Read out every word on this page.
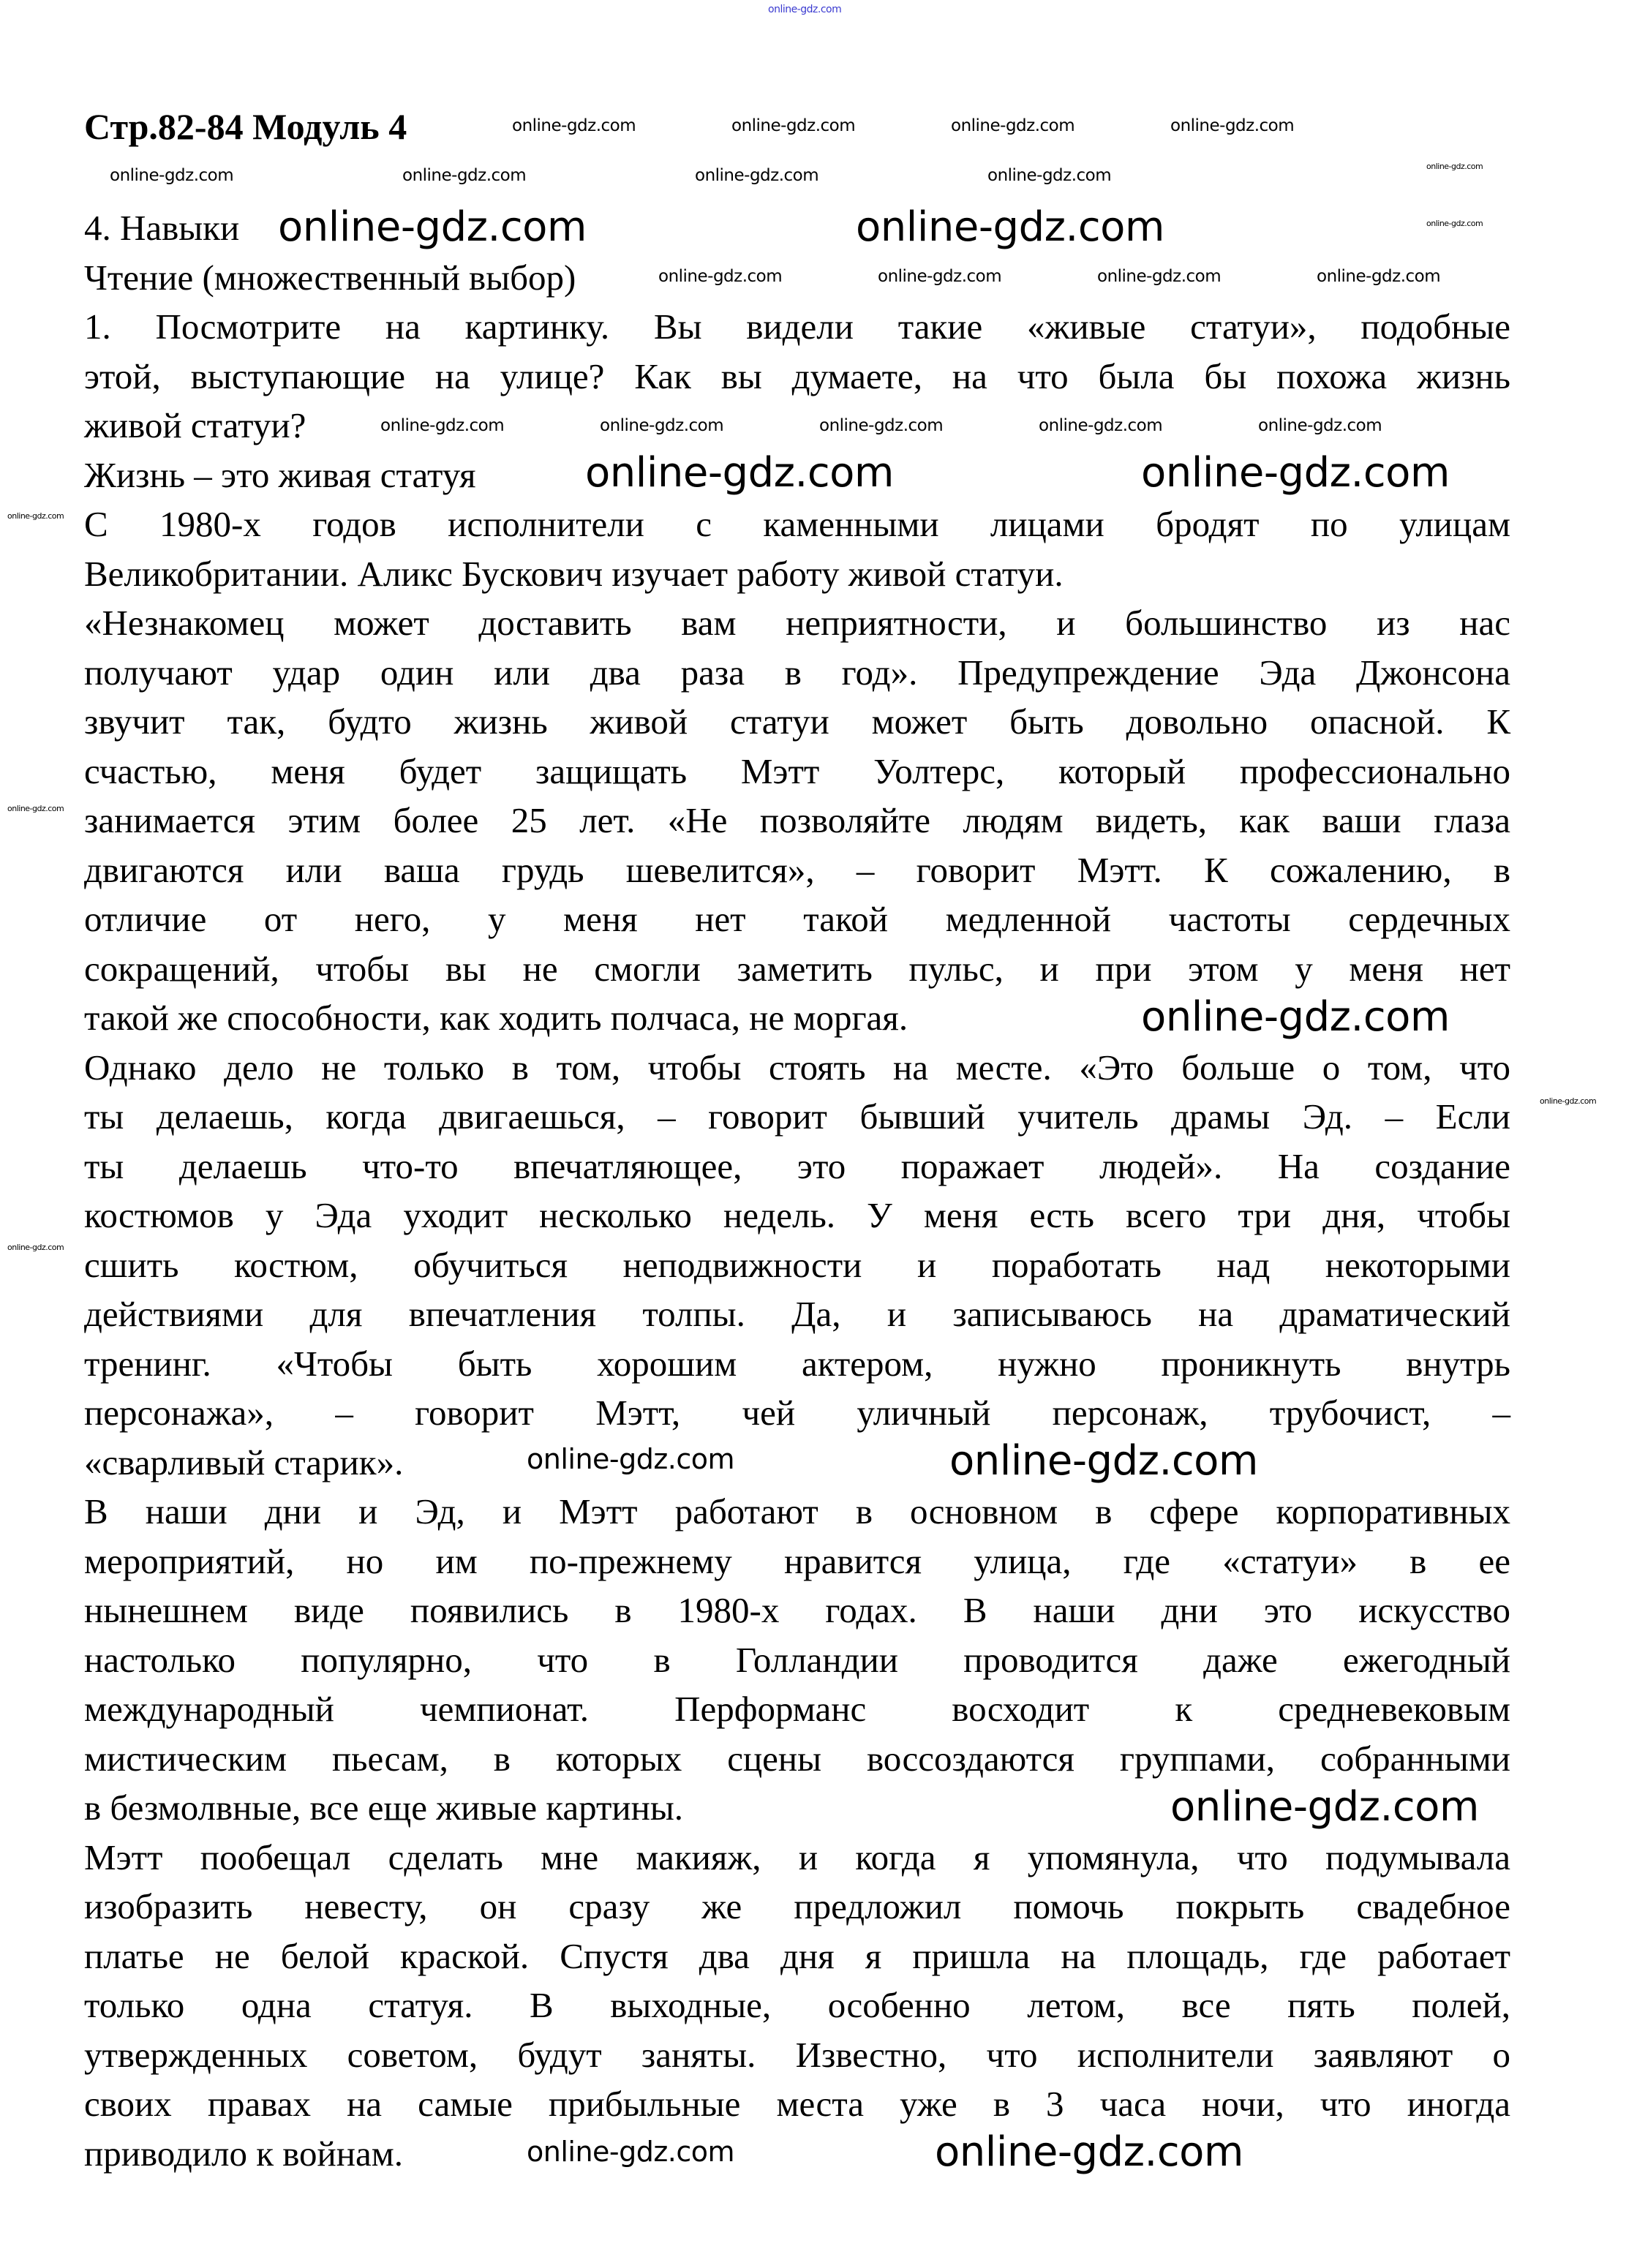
Стр.82-84 Модуль 4
4. Навыки
Чтение (множественный выбор)
1. Посмотрите на картинку. Вы видели такие «живые статуи», подобные
этой, выступающие на улице? Как вы думаете, на что была бы похожа жизнь
живой статуи?
Жизнь – это живая статуя
С 1980-х годов исполнители с каменными лицами бродят по улицам
Великобритании. Аликс Бускович изучает работу живой статуи.
«Незнакомец может доставить вам неприятности, и большинство из нас
получают удар один или два раза в год». Предупреждение Эда Джонсона
звучит так, будто жизнь живой статуи может быть довольно опасной. К
счастью, меня будет защищать Мэтт Уолтерс, который профессионально
занимается этим более 25 лет. «Не позволяйте людям видеть, как ваши глаза
двигаются или ваша грудь шевелится», – говорит Мэтт. К сожалению, в
отличие от него, у меня нет такой медленной частоты сердечных
сокращений, чтобы вы не смогли заметить пульс, и при этом у меня нет
такой же способности, как ходить полчаса, не моргая.
Однако дело не только в том, чтобы стоять на месте. «Это больше о том, что
ты делаешь, когда двигаешься, – говорит бывший учитель драмы Эд. – Если
ты делаешь что-то впечатляющее, это поражает людей». На создание
костюмов у Эда уходит несколько недель. У меня есть всего три дня, чтобы
сшить костюм, обучиться неподвижности и поработать над некоторыми
действиями для впечатления толпы. Да, и записываюсь на драматический
тренинг. «Чтобы быть хорошим актером, нужно проникнуть внутрь
персонажа», – говорит Мэтт, чей уличный персонаж, трубочист, –
«сварливый старик».
В наши дни и Эд, и Мэтт работают в основном в сфере корпоративных
мероприятий, но им по-прежнему нравится улица, где «статуи» в ее
нынешнем виде появились в 1980-х годах. В наши дни это искусство
настолько популярно, что в Голландии проводится даже ежегодный
международный чемпионат. Перформанс восходит к средневековым
мистическим пьесам, в которых сцены воссоздаются группами, собранными
в безмолвные, все еще живые картины.
Мэтт пообещал сделать мне макияж, и когда я упомянула, что подумывала
изобразить невесту, он сразу же предложил помочь покрыть свадебное
платье не белой краской. Спустя два дня я пришла на площадь, где работает
только одна статуя. В выходные, особенно летом, все пять полей,
утвержденных советом, будут заняты. Известно, что исполнители заявляют о
своих правах на самые прибыльные места уже в 3 часа ночи, что иногда
приводило к войнам.
online-gdz.com
online-gdz.com
online-gdz.com
online-gdz.com	online-gdz.com
online-gdz.com	online-gdz.com
online-gdz.com
online-gdz.com
online-gdz.com
online-gdz.com
online-gdz.com	online-gdz.com	online-gdz.com	online-gdz.com
online-gdz.com	online-gdz.com	online-gdz.com	online-gdz.com
online-gdz.com	online-gdz.com	online-gdz.com	online-gdz.com
online-gdz.com	online-gdz.com	online-gdz.com	online-gdz.com	online-gdz.com
online-gdz.com
online-gdz.com
online-gdz.com
online-gdz.com
online-gdz.com
online-gdz.com
